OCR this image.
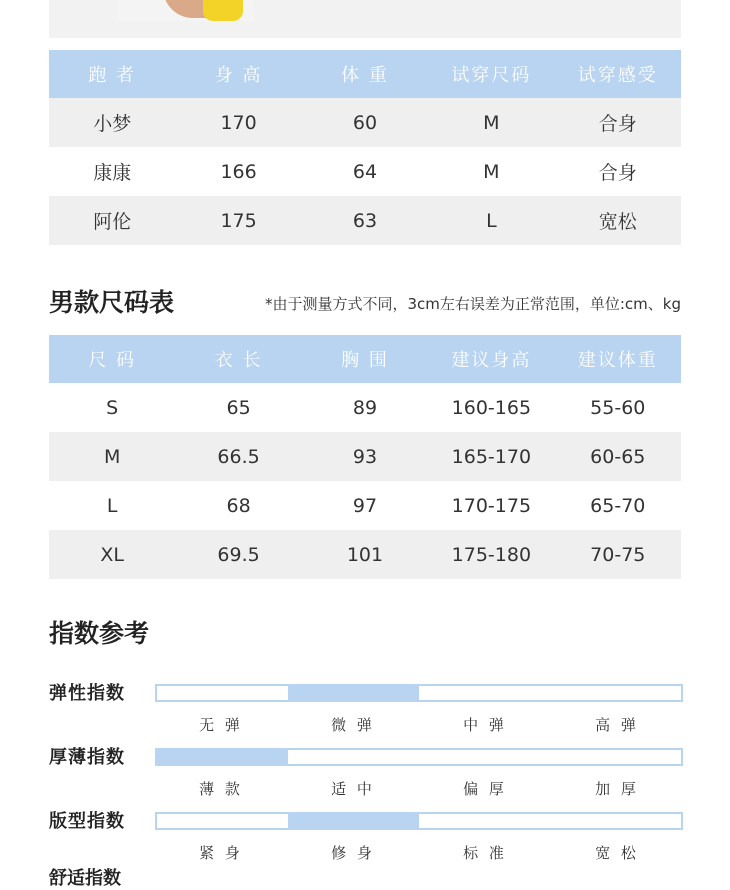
跑 者	身 高	体 重	试穿尺码	试穿感受
小梦	170	60	M	合身
康康	166	64	M	合身
阿伦	175	63	L	宽松
男款尺码表	*由于测量方式不同，3cm左右误差为正常范围，单位:cm、kg
尺 码	衣 长	胸 围	建议身高	建议体重
S	65	89	160-165	55-60
M	66.5	93	165-170	60-65
L	68	97	170-175	65-70
XL	69.5	101	175-180	70-75
指数参考
弹性指数
无 弹	微 弹	中 弹	高 弹
厚薄指数
薄 款	适 中	偏 厚	加 厚
版型指数
紧 身	修 身	标 准	宽 松
舒适指数
